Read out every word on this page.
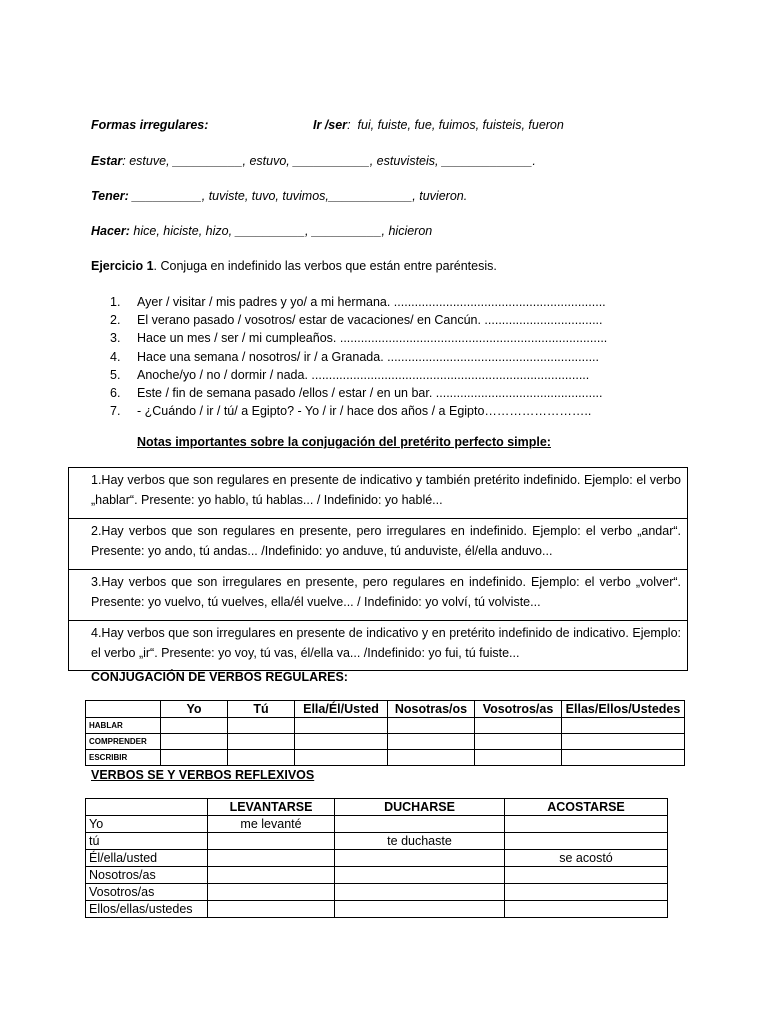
Formas irregulares:	Ir /ser:  fui, fuiste, fue, fuimos, fuisteis, fueron
Estar: estuve, __________, estuvo, ___________, estuvisteis, _____________.
Tener: __________, tuviste, tuvo, tuvimos,____________, tuvieron.
Hacer: hice, hiciste, hizo, __________, __________, hicieron
Ejercicio 1. Conjuga en indefinido las verbos que están entre paréntesis.
1. Ayer / visitar / mis padres y yo/ a mi hermana. .............................................................
2. El verano pasado / vosotros/ estar de vacaciones/ en Cancún. ..................................
3. Hace un mes / ser / mi cumpleaños. .............................................................................
4. Hace una semana / nosotros/ ir / a Granada. .............................................................
5. Anoche/yo / no / dormir / nada. ................................................................................
6. Este / fin de semana pasado /ellos / estar / en un bar. ................................................
7. - ¿Cuándo / ir / tú/ a Egipto? - Yo / ir / hace dos años / a Egipto……………………..
Notas importantes sobre la conjugación del pretérito perfecto simple:
1.Hay verbos que son regulares en presente de indicativo y también pretérito indefinido. Ejemplo: el verbo „hablar“. Presente: yo hablo, tú hablas... / Indefinido: yo hablé...
2.Hay verbos que son regulares en presente, pero irregulares en indefinido. Ejemplo: el verbo „andar“. Presente: yo ando, tú andas... /Indefinido: yo anduve, tú anduviste, él/ella anduvo...
3.Hay verbos que son irregulares en presente, pero regulares en indefinido. Ejemplo: el verbo „volver“. Presente: yo vuelvo, tú vuelves, ella/él vuelve... / Indefinido: yo volví, tú volviste...
4.Hay verbos que son irregulares en presente de indicativo y en pretérito indefinido de indicativo. Ejemplo: el verbo „ir“. Presente: yo voy, tú vas, él/ella va... /Indefinido: yo fui, tú fuiste...
CONJUGACIÓN DE VERBOS REGULARES:
	Yo	Tú	Ella/Él/Usted	Nosotras/os	Vosotros/as	Ellas/Ellos/Ustedes
HABLAR						
COMPRENDER						
ESCRIBIR						
VERBOS SE Y VERBOS REFLEXIVOS
	LEVANTARSE	DUCHARSE	ACOSTARSE
Yo	me levanté		
tú		te duchaste	
Él/ella/usted			se acostó
Nosotros/as			
Vosotros/as			
Ellos/ellas/ustedes			
